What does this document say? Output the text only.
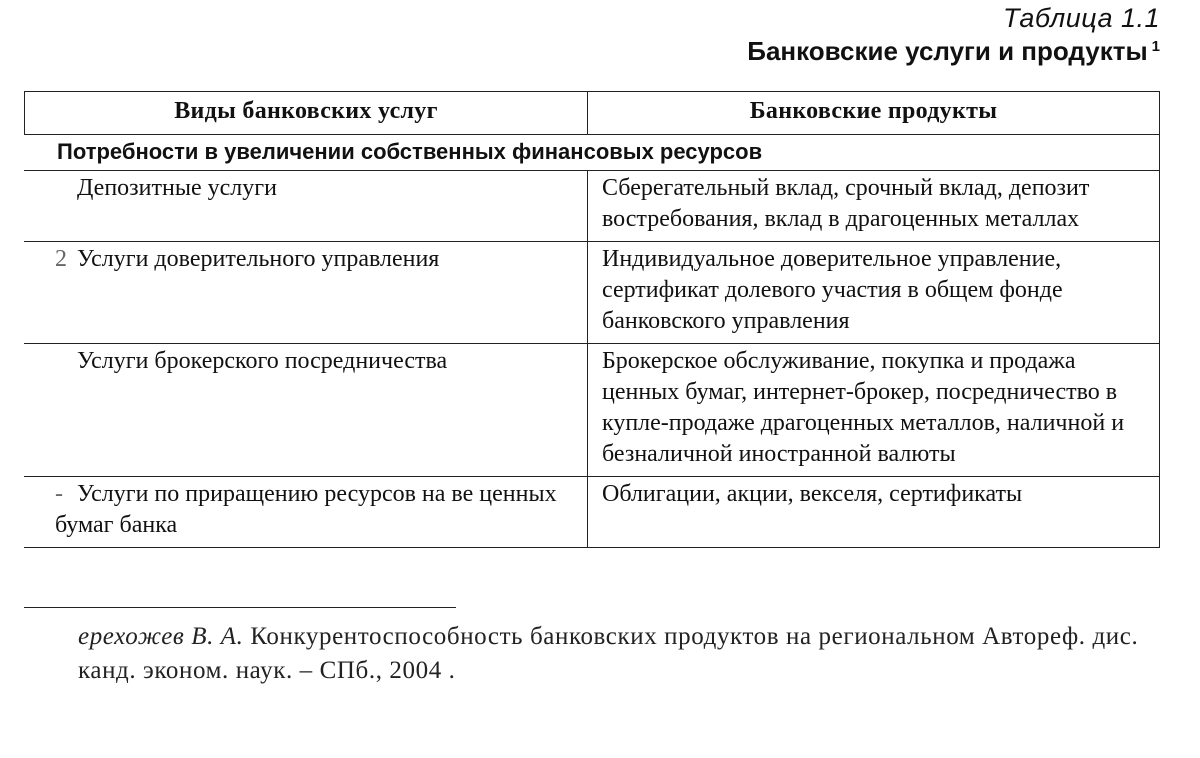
Таблица 1.1
Банковские услуги и продукты $^1$
Виды банковских услуг	Банковские продукты
Потребности в увеличении собственных финансовых ресурсов	
Депозитные услуги	Сберегательный вклад, срочный вклад, депозит востребования, вклад в драгоценных металлах
2 Услуги доверительного управления	Индивидуальное доверительное управление, сертификат долевого участия в общем фонде банковского управления
Услуги брокерского посредничества	Брокерское обслуживание, покупка и продажа ценных бумаг, интернет-брокер, посредничество в купле-продаже драгоценных металлов, наличной и безналичной иностранной валюты
- Услуги по приращению ресурсов на ве ценных бумаг банка	Облигации, акции, векселя, сертификаты
ерехожев В. А. Конкурентоспособность банковских продуктов на региональном Автореф. дис. канд. эконом. наук. – СПб., 2004 .
